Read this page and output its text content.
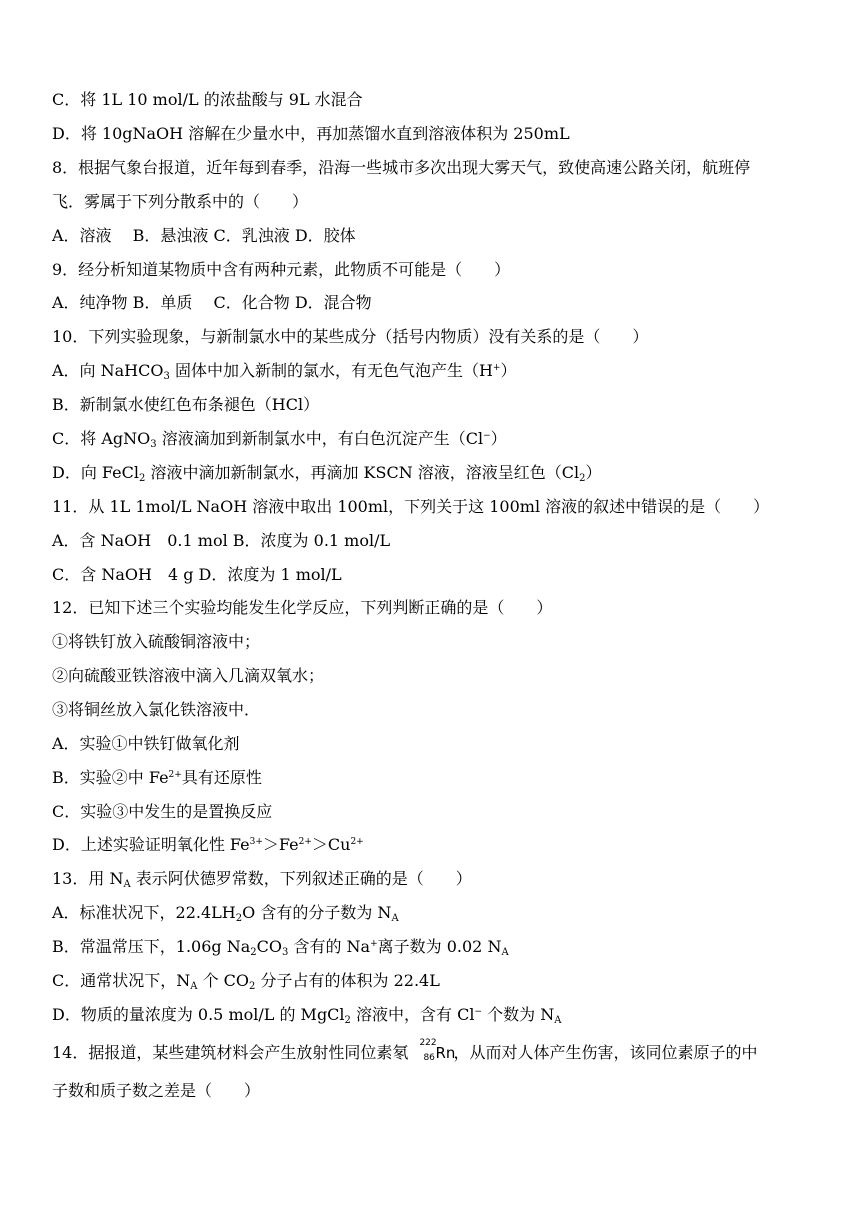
C．将 1L 10 mol/L 的浓盐酸与 9L 水混合
D．将 10gNaOH 溶解在少量水中，再加蒸馏水直到溶液体积为 250mL
8．根据气象台报道，近年每到春季，沿海一些城市多次出现大雾天气，致使高速公路关闭，航班停
飞．雾属于下列分散系中的（　　）
A．溶液　 B．悬浊液 C．乳浊液 D．胶体
9．经分析知道某物质中含有两种元素，此物质不可能是（　　）
A．纯净物 B．单质　 C．化合物 D．混合物
10．下列实验现象，与新制氯水中的某些成分（括号内物质）没有关系的是（　　）
A．向 NaHCO$_3$ 固体中加入新制的氯水，有无色气泡产生（H+）
B．新制氯水使红色布条褪色（HCl）
C．将 AgNO$_3$ 溶液滴加到新制氯水中，有白色沉淀产生（Cl−）
D．向 FeCl$_2$ 溶液中滴加新制氯水，再滴加 KSCN 溶液，溶液呈红色$(Cl_2)$
11．从 1L 1mol/L NaOH 溶液中取出 100ml，下列关于这 100ml 溶液的叙述中错误的是（　　）
A．含 NaOH　0.1 mol B．浓度为 0.1 mol/L
C．含 NaOH　4 g D．浓度为 1 mol/L
12．已知下述三个实验均能发生化学反应，下列判断正确的是（　　）
①将铁钉放入硫酸铜溶液中；
②向硫酸亚铁溶液中滴入几滴双氧水；
③将铜丝放入氯化铁溶液中．
A．实验①中铁钉做氧化剂
B．实验②中 $Fe^{2+}$具有还原性
C．实验③中发生的是置换反应
D．上述实验证明氧化性 $Fe^{3+}>Fe^{2+}>Cu^{2+}$
13．用 $N_A$ 表示阿伏德罗常数，下列叙述正确的是（　　）
A．标准状况下，$22.4LH_2O$ 含有的分子数为 $N_A$
B．常温常压下，1.06g $Na_2CO_3$ 含有的 Na+离子数为 0.02 $N_A$
C．通常状况下，$N_A$ 个 $CO_2$ 分子占有的体积为 22.4L
D．物质的量浓度为 0.5 mol/L 的 MgCl$_2$ 溶液中，含有 Cl− 个数为 $N_A$
14．据报道，某些建筑材料会产生放射性同位素氡 222
86 Rn
，从而对人体产生伤害，该同位素原子的中
子数和质子数之差是（　　）
